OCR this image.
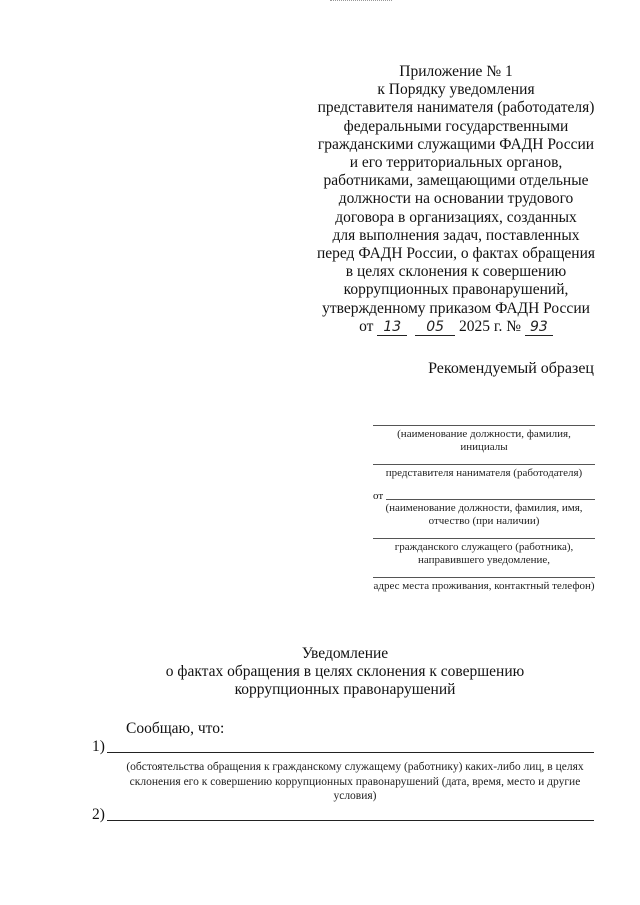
Приложение № 1
к Порядку уведомления
представителя нанимателя (работодателя)
федеральными государственными
гражданскими служащими ФАДН России
и его территориальных органов,
работниками, замещающими отдельные
должности на основании трудового
договора в организациях, созданных
для выполнения задач, поставленных
перед ФАДН России, о фактах обращения
в целях склонения к совершению
коррупционных правонарушений,
утвержденному приказом ФАДН России
от 13 05 2025 г. № 93
Рекомендуемый образец
(наименование должности, фамилия, инициалы
представителя нанимателя (работодателя)
от
(наименование должности, фамилия, имя, отчество (при наличии)
гражданского служащего (работника), направившего уведомление,
адрес места проживания, контактный телефон)
Уведомление
о фактах обращения в целях склонения к совершению
коррупционных правонарушений
Сообщаю, что:
1)
(обстоятельства обращения к гражданскому служащему (работнику) каких-либо лиц, в целях склонения его к совершению коррупционных правонарушений (дата, время, место и другие условия)
2)
